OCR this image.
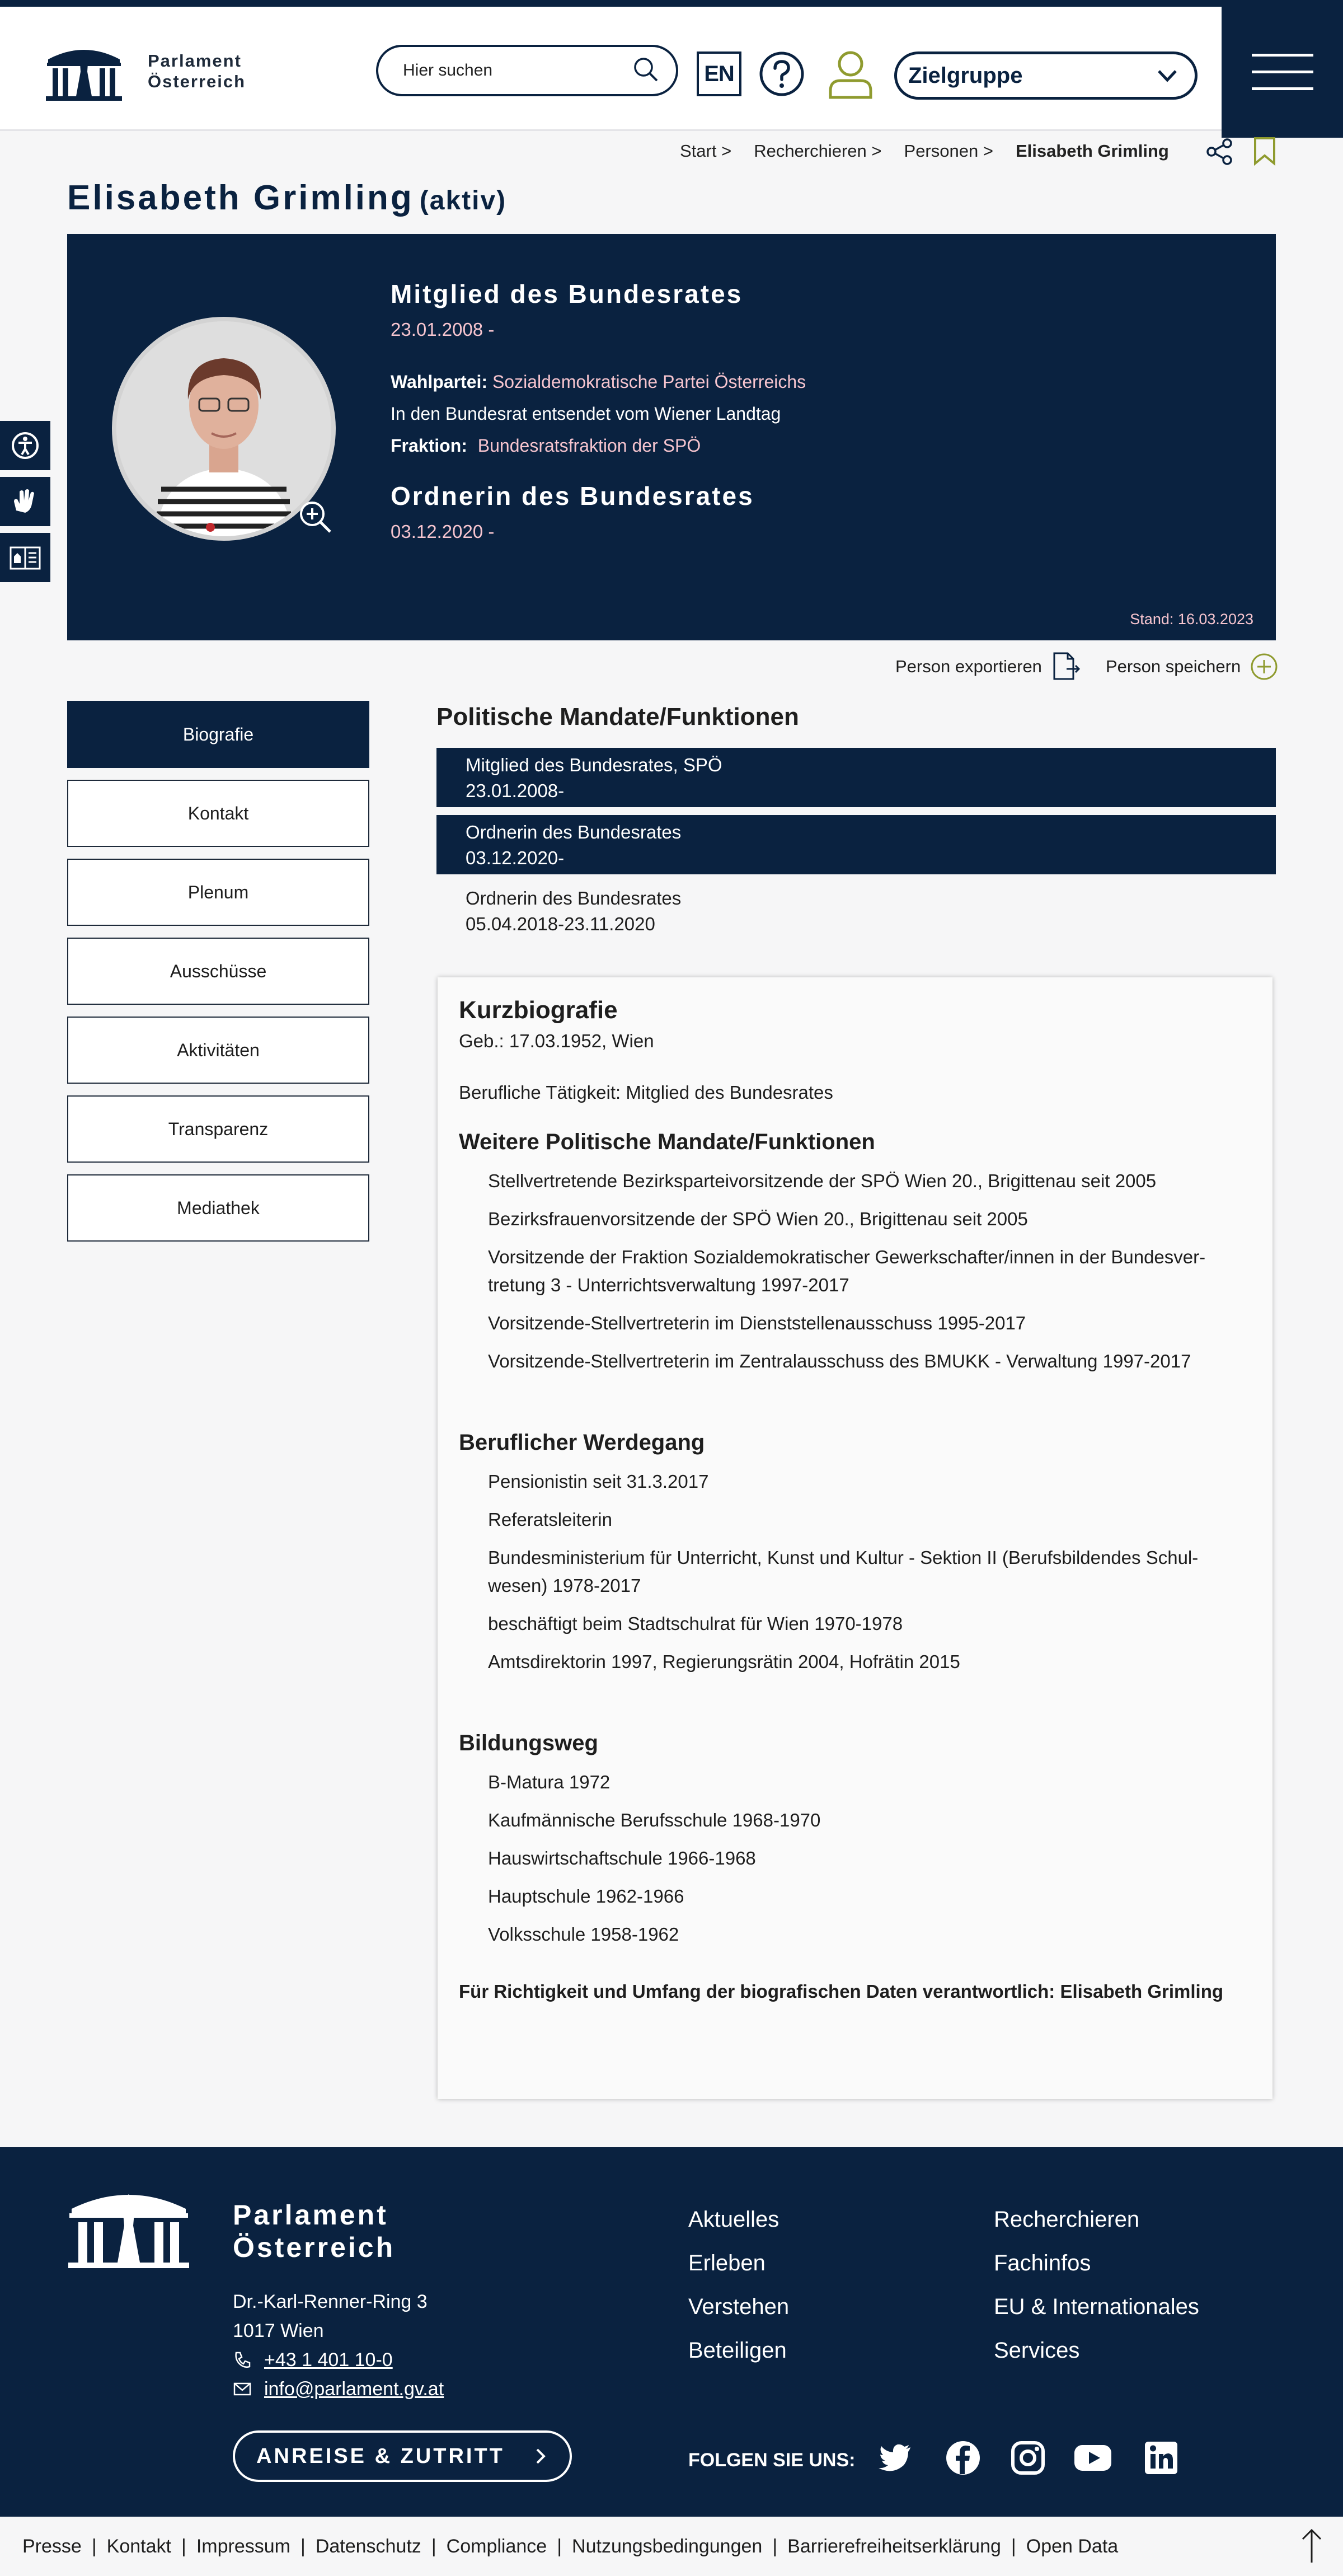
Parlament
Österreich
Hier suchen	EN	Zielgruppe
Start > Recherchieren > Personen > Elisabeth Grimling
Elisabeth Grimling (aktiv)
Mitglied des Bundesrates
23.01.2008 -
Wahlpartei: Sozialdemokratische Partei Österreichs
In den Bundesrat entsendet vom Wiener Landtag
Fraktion: Bundesratsfraktion der SPÖ
Ordnerin des Bundesrates
03.12.2020 -
Stand: 16.03.2023
Person exportieren	Person speichern
Biografie
Kontakt
Plenum
Ausschüsse
Aktivitäten
Transparenz
Mediathek
Politische Mandate/Funktionen
Mitglied des Bundesrates, SPÖ
23.01.2008-
Ordnerin des Bundesrates
03.12.2020-
Ordnerin des Bundesrates
05.04.2018-23.11.2020
Kurzbiografie

Geb.: 17.03.1952, Wien

Berufliche Tätigkeit: Mitglied des Bundesrates

Weitere Politische Mandate/Funktionen
Stellvertretende Bezirksparteivorsitzende der SPÖ Wien 20., Brigittenau seit 2005
Bezirksfrauenvorsitzende der SPÖ Wien 20., Brigittenau seit 2005
Vorsitzende der Fraktion Sozialdemokratischer Gewerkschafter/innen in der Bundesver-tretung 3 - Unterrichtsverwaltung 1997-2017
Vorsitzende-Stellvertreterin im Dienststellenausschuss 1995-2017
Vorsitzende-Stellvertreterin im Zentralausschuss des BMUKK - Verwaltung 1997-2017
Beruflicher Werdegang
Pensionistin seit 31.3.2017
Referatsleiterin
Bundesministerium für Unterricht, Kunst und Kultur - Sektion II (Berufsbildendes Schul-wesen) 1978-2017
beschäftigt beim Stadtschulrat für Wien 1970-1978
Amtsdirektorin 1997, Regierungsrätin 2004, Hofrätin 2015
Bildungsweg
B-Matura 1972
Kaufmännische Berufsschule 1968-1970
Hauswirtschaftschule 1966-1968
Hauptschule 1962-1966
Volksschule 1958-1962

Für Richtigkeit und Umfang der biografischen Daten verantwortlich: Elisabeth Grimling

Parlament
Österreich
Dr.-Karl-Renner-Ring 3
1017 Wien
+43 1 401 10-0
info@parlament.gv.at
Aktuelles
Erleben
Verstehen
Beteiligen
Recherchieren
Fachinfos
EU & Internationales
Services
ANREISE & ZUTRITT	FOLGEN SIE UNS:
Presse | Kontakt | Impressum | Datenschutz | Compliance | Nutzungsbedingungen | Barrierefreiheitserklärung | Open Data
